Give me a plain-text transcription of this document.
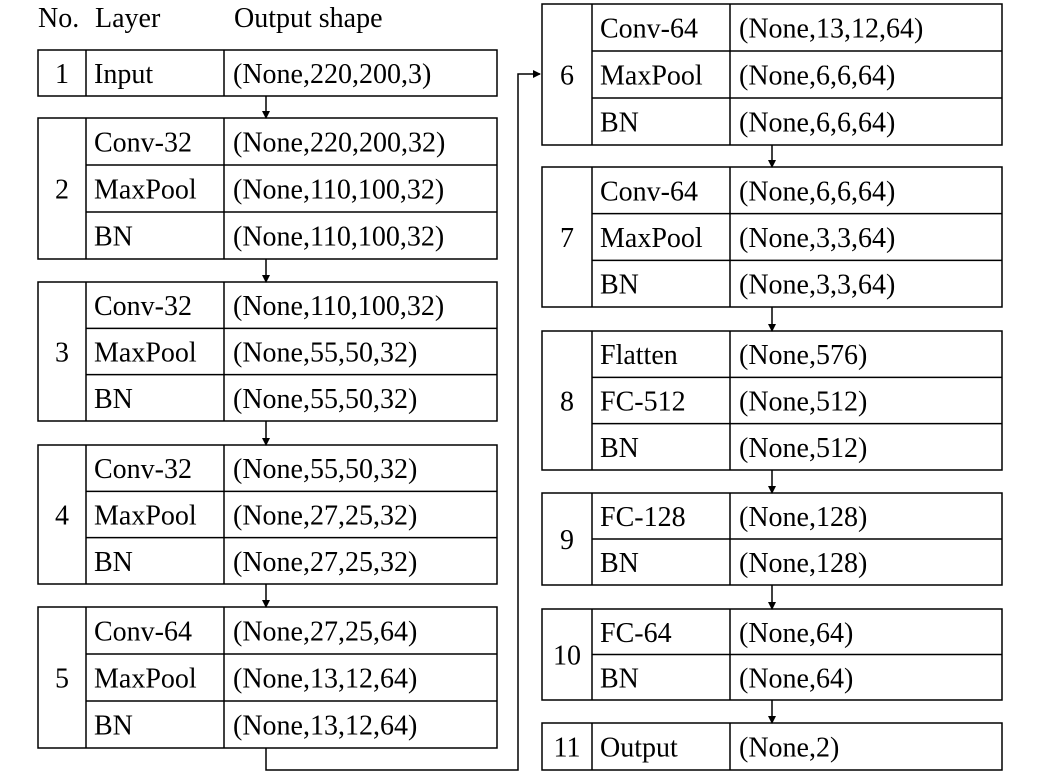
No. Layer	Output shape
1 Input	(None,220,200,3)
2
Conv-32 (None,220,200,32)
MaxPool (None,110,100,32)
BN	(None,110,100,32)
3
Conv-32 (None,110,100,32)
MaxPool (None,55,50,32)
BN	(None,55,50,32)
4
Conv-32 (None,55,50,32)
MaxPool (None,27,25,32)
BN	(None,27,25,32)
5
Conv-64 (None,27,25,64)
MaxPool (None,13,12,64)
BN	(None,13,12,64)
6
Conv-64 (None,13,12,64)
MaxPool (None,6,6,64)
BN	(None,6,6,64)
7
Conv-64 (None,6,6,64)
MaxPool (None,3,3,64)
BN	(None,3,3,64)
8
Flatten (None,576)
FC-512 (None,512)
BN	(None,512)
9
FC-128 (None,128)
BN	(None,128)
10
FC-64 (None,64)
BN	(None,64)
11 Output (None,2)
